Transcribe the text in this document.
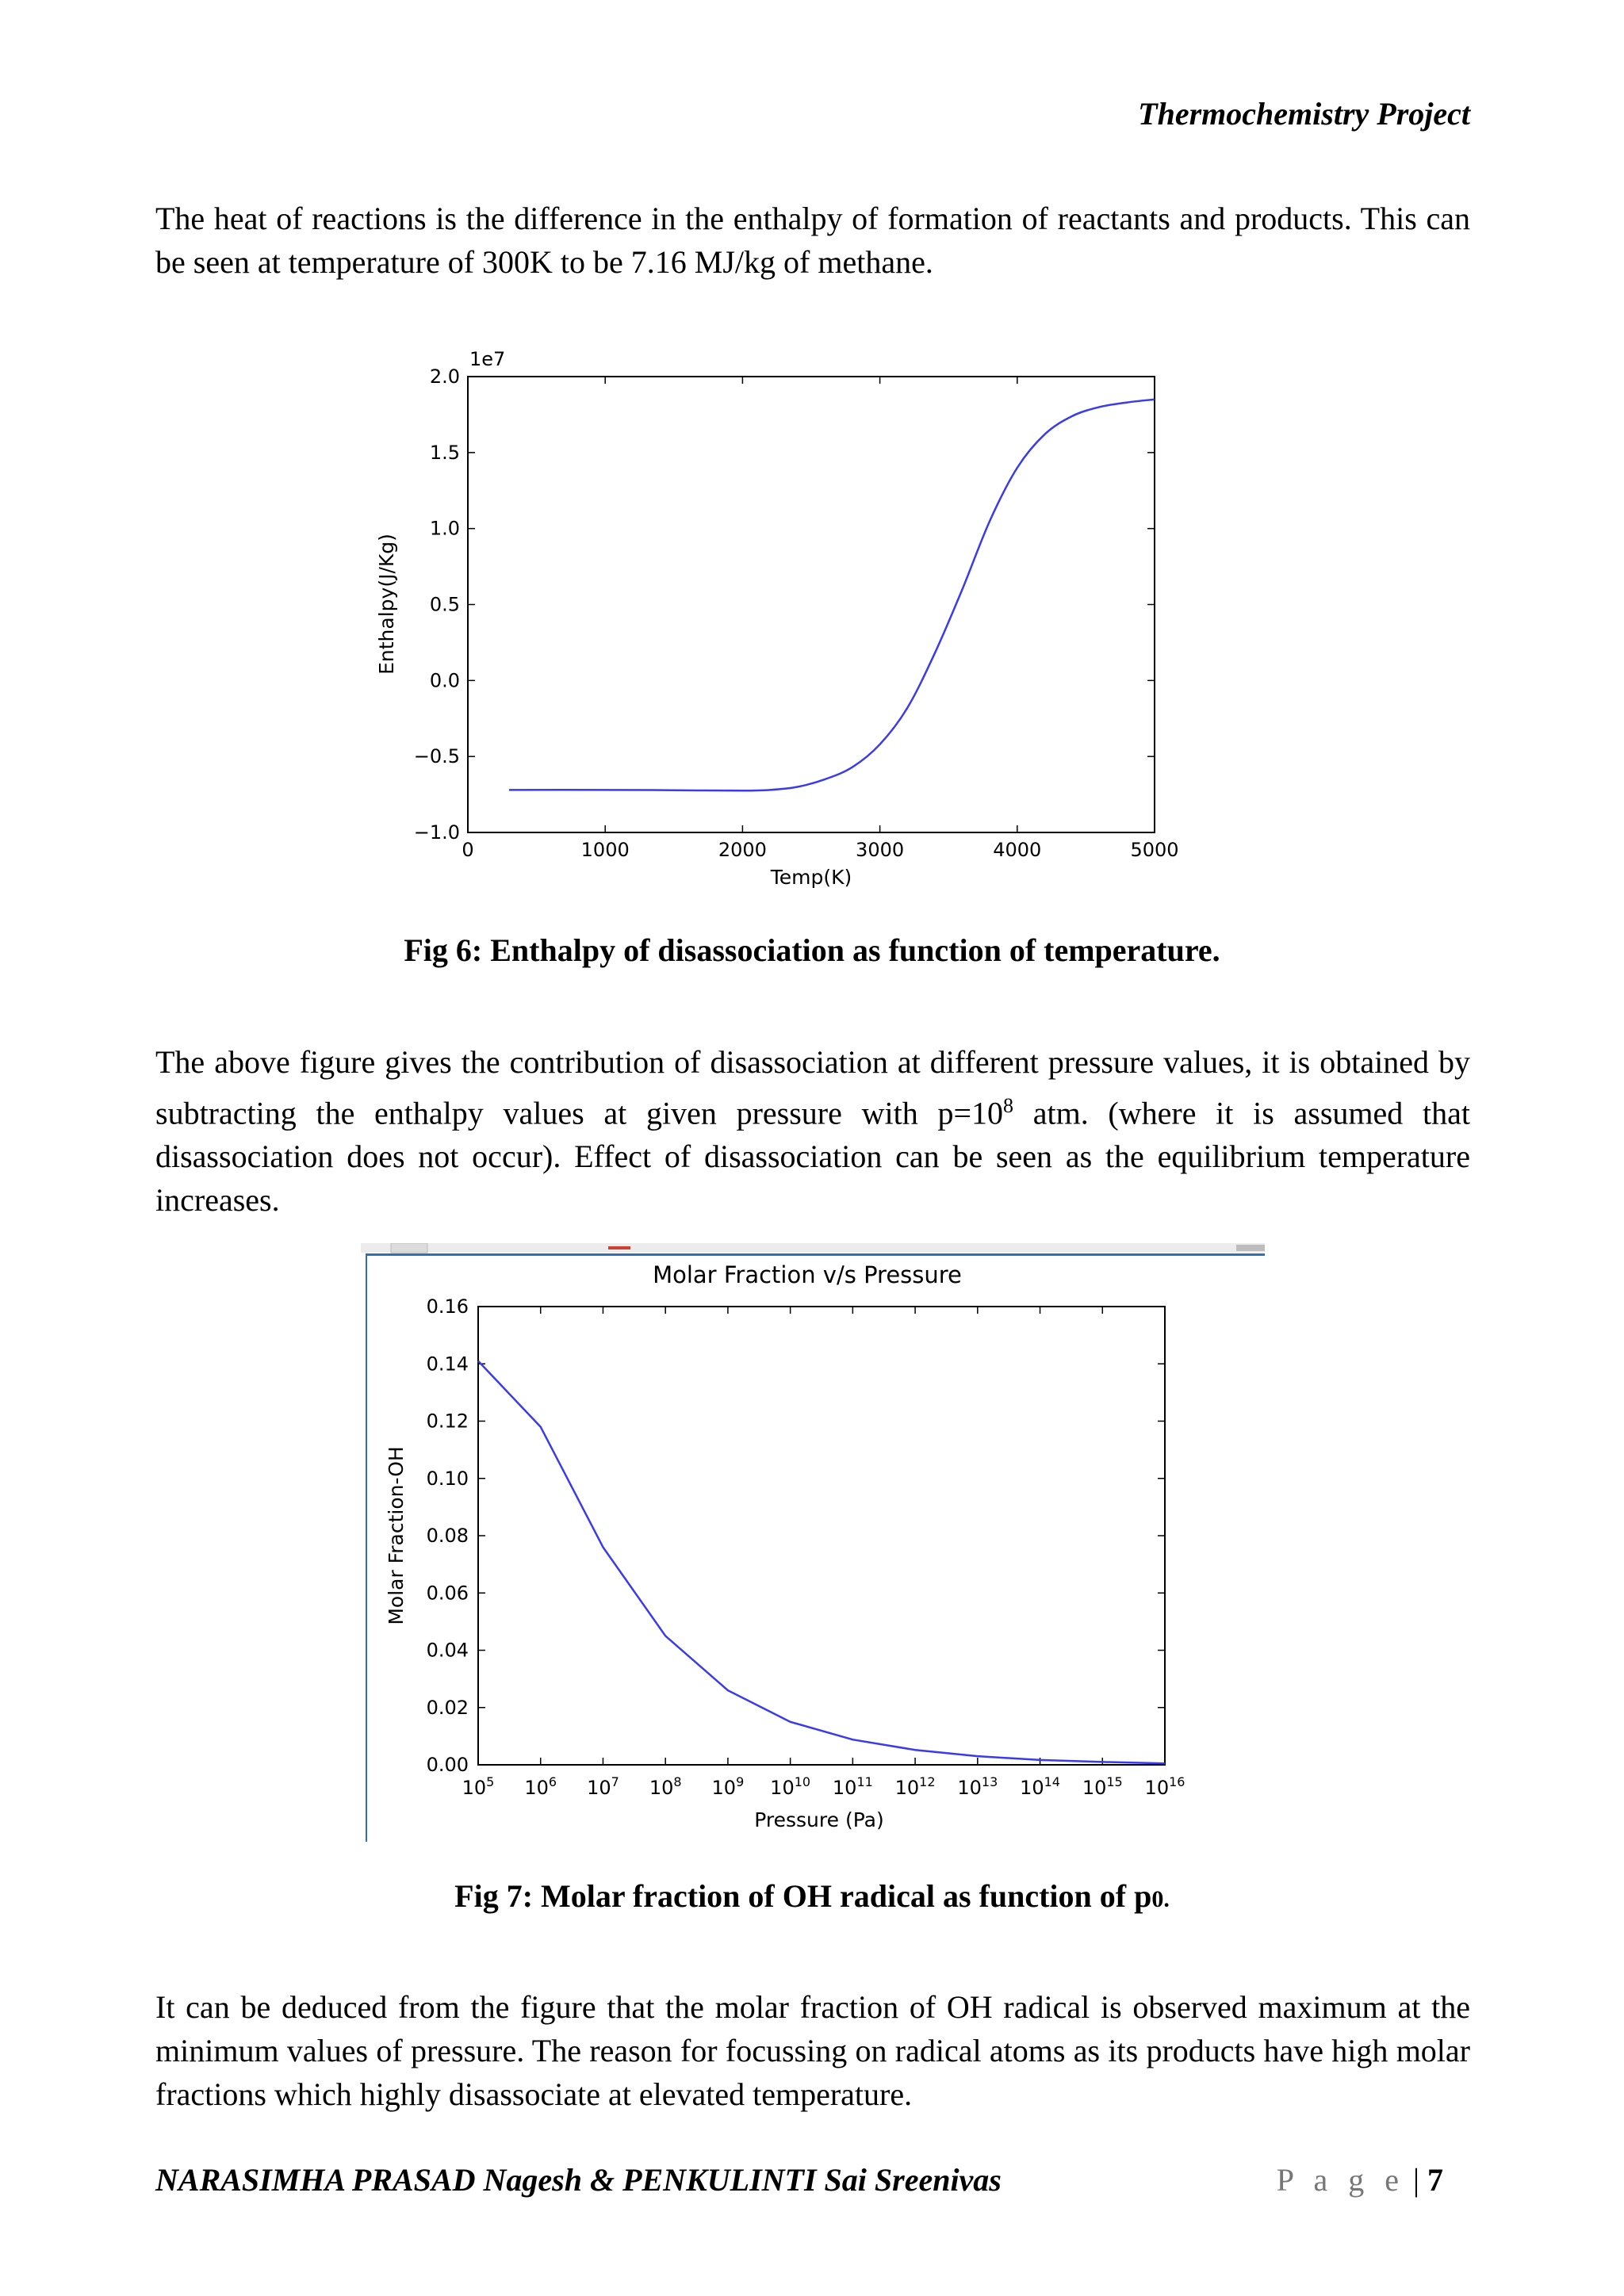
Thermochemistry Project

The heat of reactions is the difference in the enthalpy of formation of reactants and products. This can be seen at temperature of 300K to be 7.16 MJ/kg of methane.

0	1000	2000	3000	4000	5000
−1.0
−0.5
0.0
0.5
1.0
1.5
2.0
1e7
Temp(K)
Enthalpy(J/Kg)
Fig 6: Enthalpy of disassociation as function of temperature.

The above figure gives the contribution of disassociation at different pressure values, it is obtained by subtracting the enthalpy values at given pressure with $p=10^8$ atm. (where it is assumed that disassociation does not occur). Effect of disassociation can be seen as the equilibrium temperature increases.

Molar Fraction v/s Pressure
$10^5$ $10^6$ $10^7$ $10^8$ $10^9$ $10^{10}$ $10^{11}$ $10^{12}$ $10^{13}$ $10^{14}$ $10^{15}$ $10^{16}$
0.00
0.02
0.04
0.06
0.08
0.10
0.12
0.14
0.16
Pressure (Pa)
Molar Fraction-OH
Fig 7: Molar fraction of OH radical as function of p0.

It can be deduced from the figure that the molar fraction of OH radical is observed maximum at the minimum values of pressure. The reason for focussing on radical atoms as its products have high molar fractions which highly disassociate at elevated temperature.

NARASIMHA PRASAD Nagesh & PENKULINTI Sai Sreenivas	P a g e | 7
